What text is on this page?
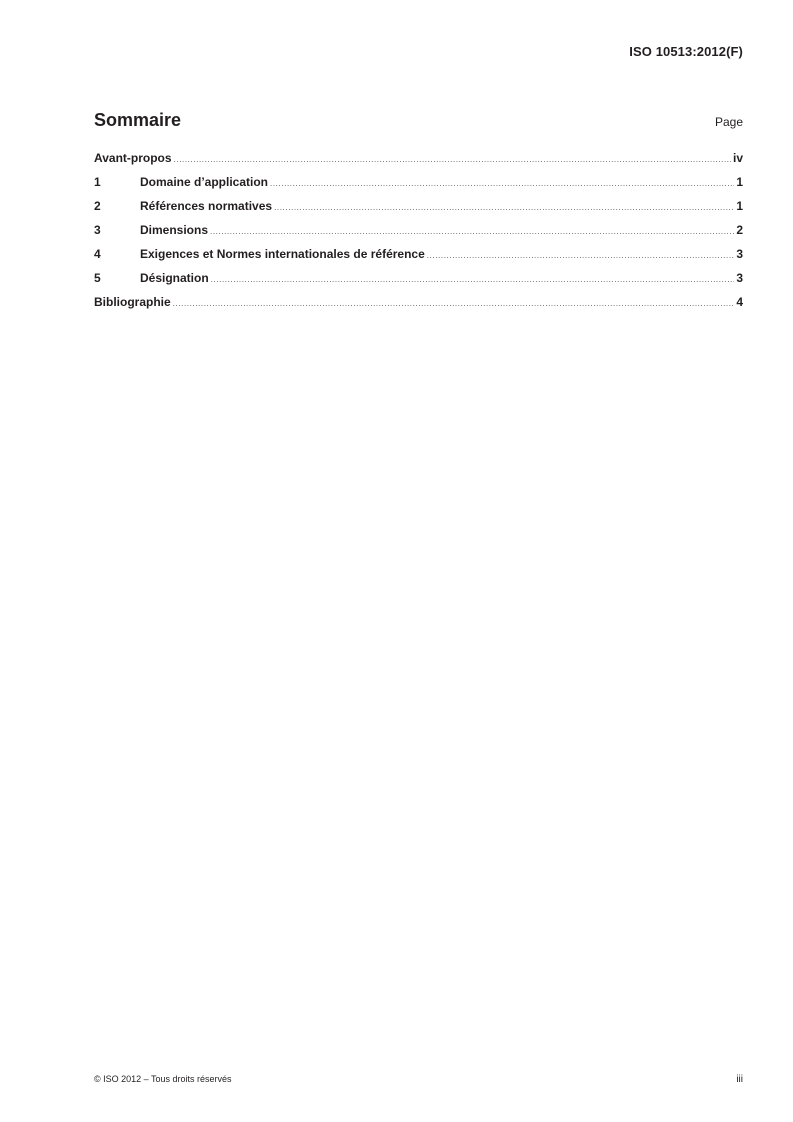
ISO 10513:2012(F)
Sommaire	Page
Avant-propos .....	iv
1	Domaine d’application .....	1
2	Références normatives .....	1
3	Dimensions .....	2
4	Exigences et Normes internationales de référence .....	3
5	Désignation .....	3
Bibliographie .....	4
© ISO 2012 – Tous droits réservés	iii
